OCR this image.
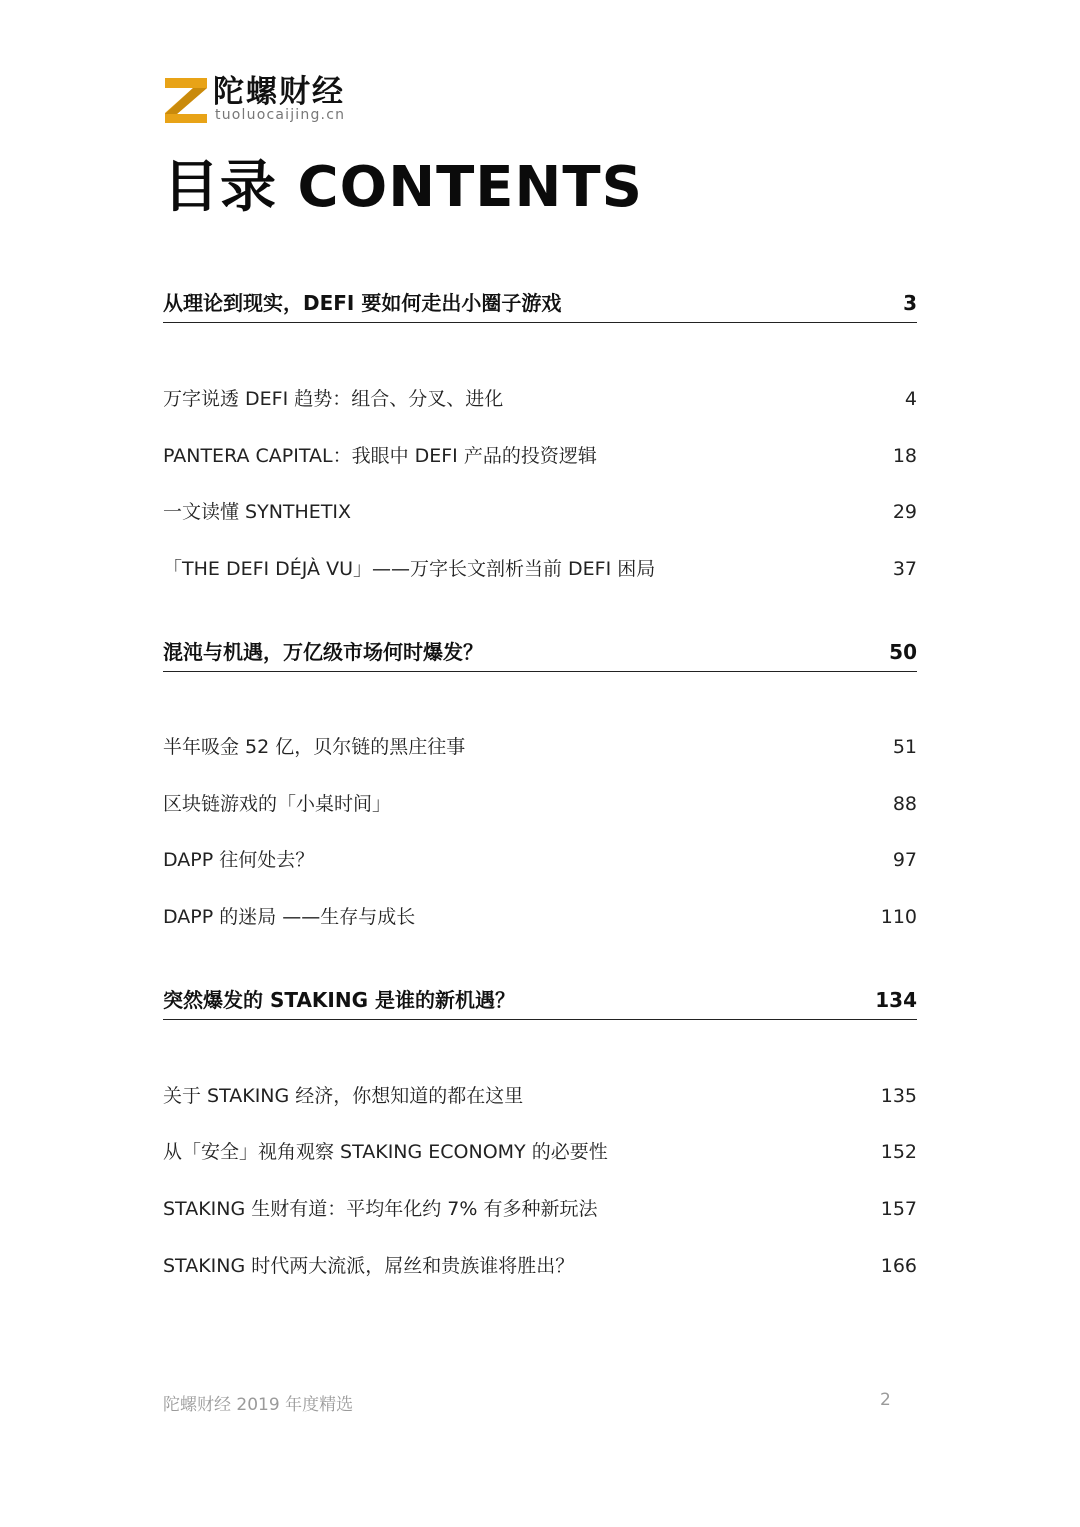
陀螺财经
tuoluocaijing.cn
目录 CONTENTS
从理论到现实，DEFI 要如何走出小圈子游戏	3
万字说透 DEFI 趋势：组合、分叉、进化	4
PANTERA CAPITAL：我眼中 DEFI 产品的投资逻辑	18
一文读懂 SYNTHETIX	29
「THE DEFI DÉJÀ VU」——万字长文剖析当前 DEFI 困局	37
混沌与机遇，万亿级市场何时爆发？	50
半年吸金 52 亿，贝尔链的黑庄往事	51
区块链游戏的「小桌时间」	88
DAPP 往何处去？	97
DAPP 的迷局 ——生存与成长	110
突然爆发的 STAKING 是谁的新机遇？	134
关于 STAKING 经济，你想知道的都在这里	135
从「安全」视角观察 STAKING ECONOMY 的必要性	152
STAKING 生财有道：平均年化约 7% 有多种新玩法	157
STAKING 时代两大流派，屌丝和贵族谁将胜出？	166
陀螺财经 2019 年度精选	2
